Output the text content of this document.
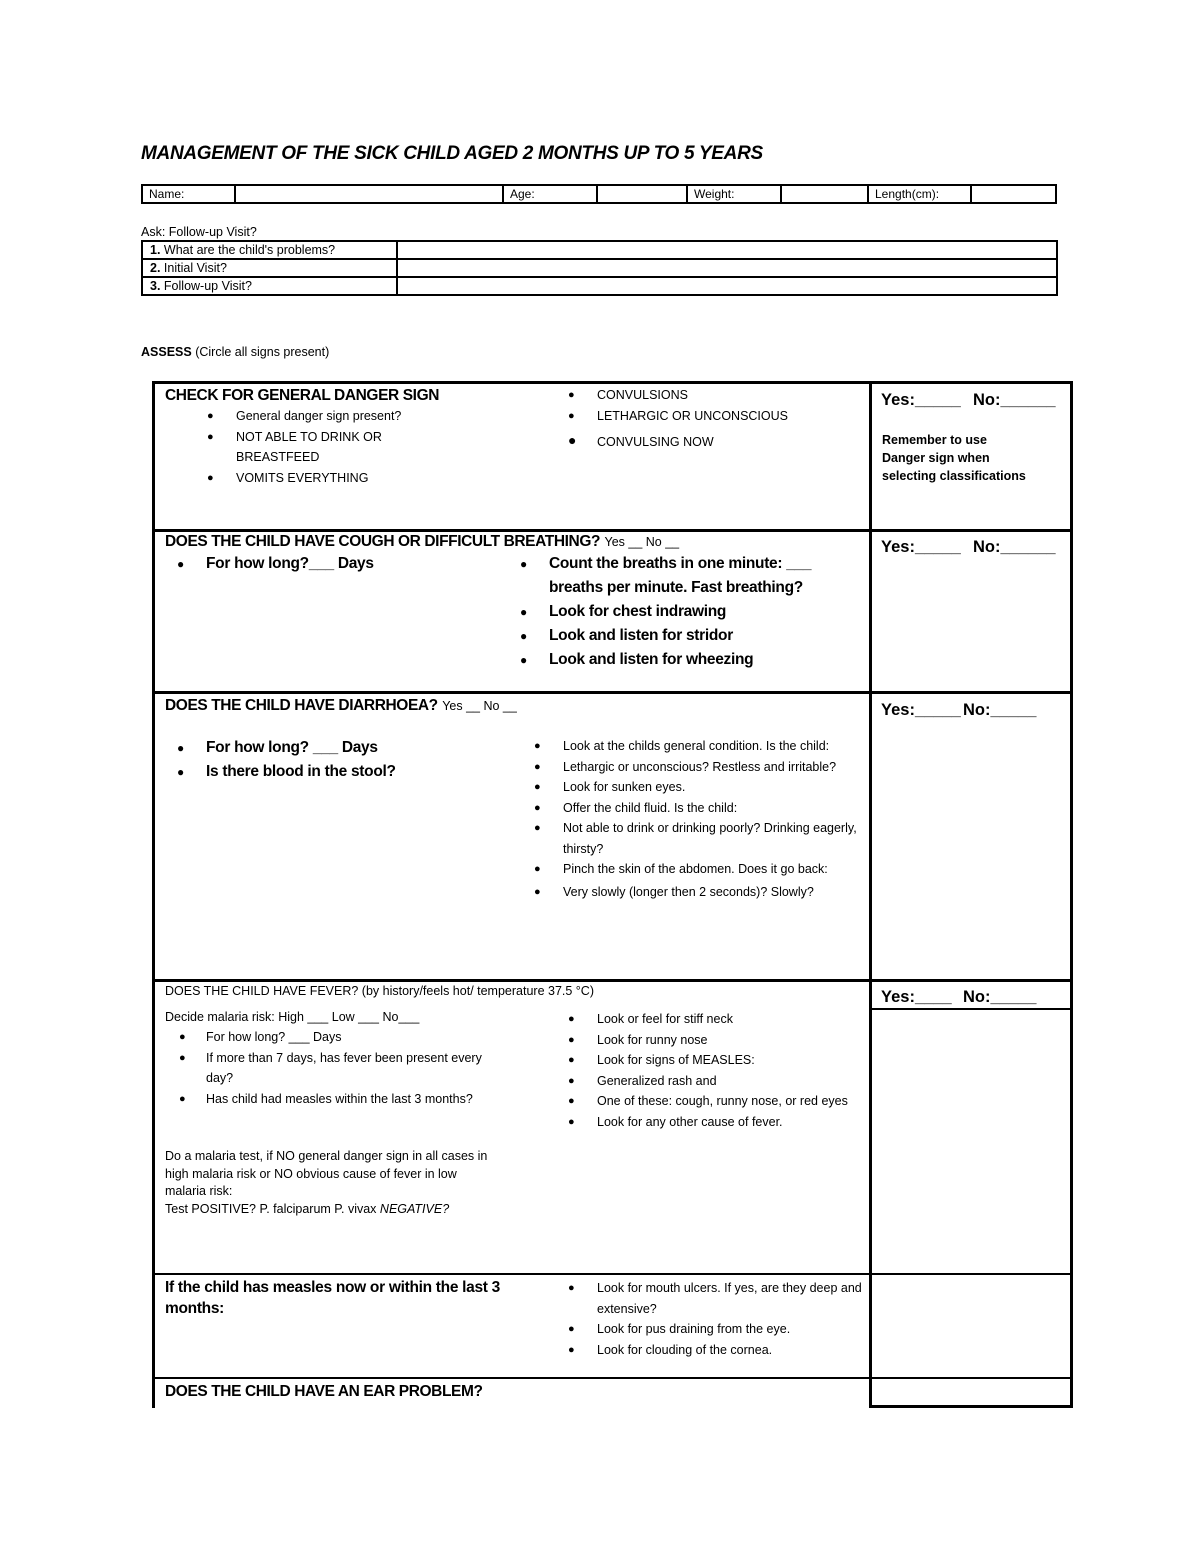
MANAGEMENT OF THE SICK CHILD AGED 2 MONTHS UP TO 5 YEARS
Name:		Age:		Weight:		Length(cm):	
Ask: Follow-up Visit?
1. What are the child's problems?	
2. Initial Visit?	
3. Follow-up Visit?	
ASSESS (Circle all signs present)
CHECK FOR GENERAL DANGER SIGN
● General danger sign present?
● NOT ABLE TO DRINK OR BREASTFEED
● VOMITS EVERYTHING
● CONVULSIONS
● LETHARGIC OR UNCONSCIOUS
● CONVULSING NOW
Yes:_____ No:______
Remember to use Danger sign when selecting classifications
DOES THE CHILD HAVE COUGH OR DIFFICULT BREATHING? Yes __ No __
● For how long?___ Days	● Count the breaths in one minute: ___ breaths per minute. Fast breathing?
● Look for chest indrawing
● Look and listen for stridor
● Look and listen for wheezing
Yes:_____ No:______
DOES THE CHILD HAVE DIARRHOEA? Yes __ No __
● For how long? ___ Days
● Is there blood in the stool?
● Look at the childs general condition. Is the child:
● Lethargic or unconscious? Restless and irritable?
● Look for sunken eyes.
● Offer the child fluid. Is the child:
● Not able to drink or drinking poorly? Drinking eagerly, thirsty?
● Pinch the skin of the abdomen. Does it go back:
● Very slowly (longer then 2 seconds)? Slowly?
Yes:_____ No:_____
DOES THE CHILD HAVE FEVER? (by history/feels hot/ temperature 37.5 °C)
Decide malaria risk: High ___ Low ___ No___
● For how long? ___ Days
● If more than 7 days, has fever been present every day?
● Has child had measles within the last 3 months?
Do a malaria test, if NO general danger sign in all cases in
high malaria risk or NO obvious cause of fever in low
malaria risk:
Test POSITIVE? P. falciparum P. vivax NEGATIVE?
● Look or feel for stiff neck
● Look for runny nose
● Look for signs of MEASLES:
● Generalized rash and
● One of these: cough, runny nose, or red eyes
● Look for any other cause of fever.
Yes:____ No:_____
If the child has measles now or within the last 3 months:
● Look for mouth ulcers. If yes, are they deep and extensive?
● Look for pus draining from the eye.
● Look for clouding of the cornea.
DOES THE CHILD HAVE AN EAR PROBLEM?
